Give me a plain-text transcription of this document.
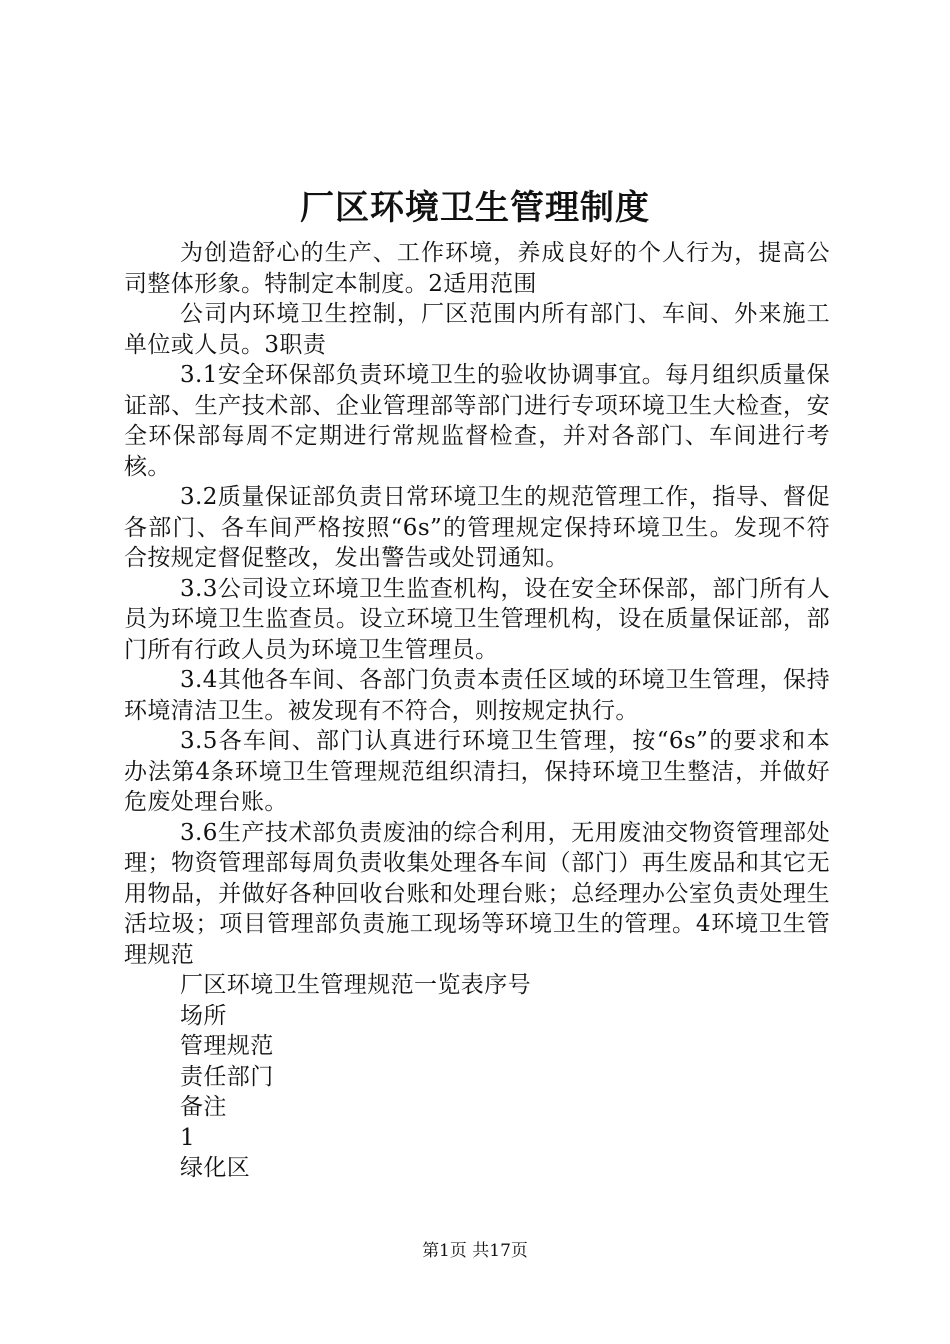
厂区环境卫生管理制度

为创造舒心的生产、工作环境，养成良好的个人行为，提高公司整体形象。特制定本制度。2适用范围

公司内环境卫生控制，厂区范围内所有部门、车间、外来施工单位或人员。3职责

3.1安全环保部负责环境卫生的验收协调事宜。每月组织质量保证部、生产技术部、企业管理部等部门进行专项环境卫生大检查，安全环保部每周不定期进行常规监督检查，并对各部门、车间进行考核。

3.2质量保证部负责日常环境卫生的规范管理工作，指导、督促各部门、各车间严格按照“6s”的管理规定保持环境卫生。发现不符合按规定督促整改，发出警告或处罚通知。

3.3公司设立环境卫生监查机构，设在安全环保部，部门所有人员为环境卫生监查员。设立环境卫生管理机构，设在质量保证部，部门所有行政人员为环境卫生管理员。

3.4其他各车间、各部门负责本责任区域的环境卫生管理，保持环境清洁卫生。被发现有不符合，则按规定执行。

3.5各车间、部门认真进行环境卫生管理，按“6s”的要求和本办法第4条环境卫生管理规范组织清扫，保持环境卫生整洁，并做好危废处理台账。

3.6生产技术部负责废油的综合利用，无用废油交物资管理部处理；物资管理部每周负责收集处理各车间（部门）再生废品和其它无用物品，并做好各种回收台账和处理台账；总经理办公室负责处理生活垃圾；项目管理部负责施工现场等环境卫生的管理。4环境卫生管理规范

厂区环境卫生管理规范一览表序号

场所

管理规范

责任部门

备注

1

绿化区

第1页 共17页
